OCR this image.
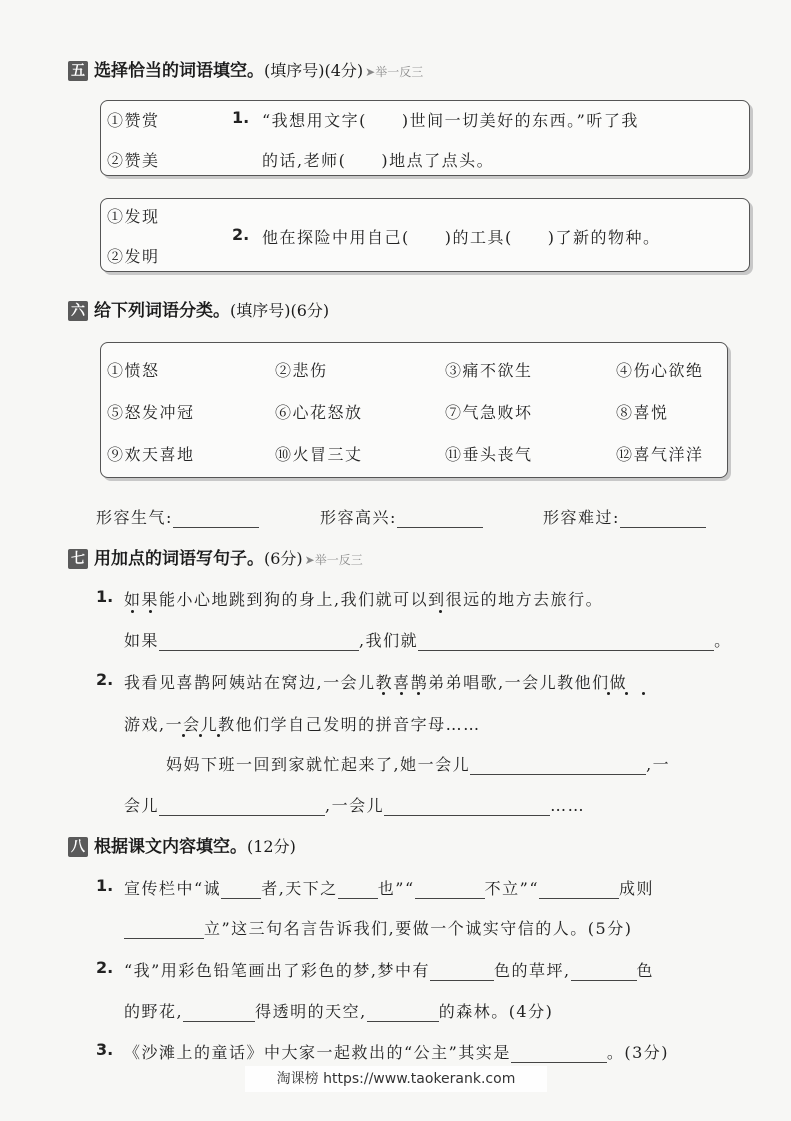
五 选择恰当的词语填空。(填序号)(4分) ➤举一反三
①赞赏
②赞美
1. “我想用文字(　　)世间一切美好的东西。”听了我
的话,老师(　　)地点了点头。
①发现
②发明
2. 他在探险中用自己(　　)的工具(　　)了新的物种。
六 给下列词语分类。(填序号)(6分)
①愤怒	②悲伤	③痛不欲生	④伤心欲绝
⑤怒发冲冠	⑥心花怒放	⑦气急败坏	⑧喜悦
⑨欢天喜地	⑩火冒三丈	⑪垂头丧气	⑫喜气洋洋
形容生气:	形容高兴:	形容难过:
七 用加点的词语写句子。(6分) ➤举一反三
1. 如果能小心地跳到狗的身上,我们就可以到很远的地方去旅行。
如果	,我们就	。
2. 我看见喜鹊阿姨站在窝边,一会儿教喜鹊弟弟唱歌,一会儿教他们做
游戏,一会儿教他们学自己发明的拼音字母……
妈妈下班一回到家就忙起来了,她一会儿	,一
会儿	,一会儿	……
八 根据课文内容填空。(12分)
1. 宣传栏中“诚	者,天下之	也”“	不立”“	成则
立”这三句名言告诉我们,要做一个诚实守信的人。(5分)
2. “我”用彩色铅笔画出了彩色的梦,梦中有	色的草坪,	色
的野花,	得透明的天空,	的森林。(4分)
3. 《沙滩上的童话》中大家一起救出的“公主”其实是	。(3分)
淘课榜 https://www.taokerank.com
